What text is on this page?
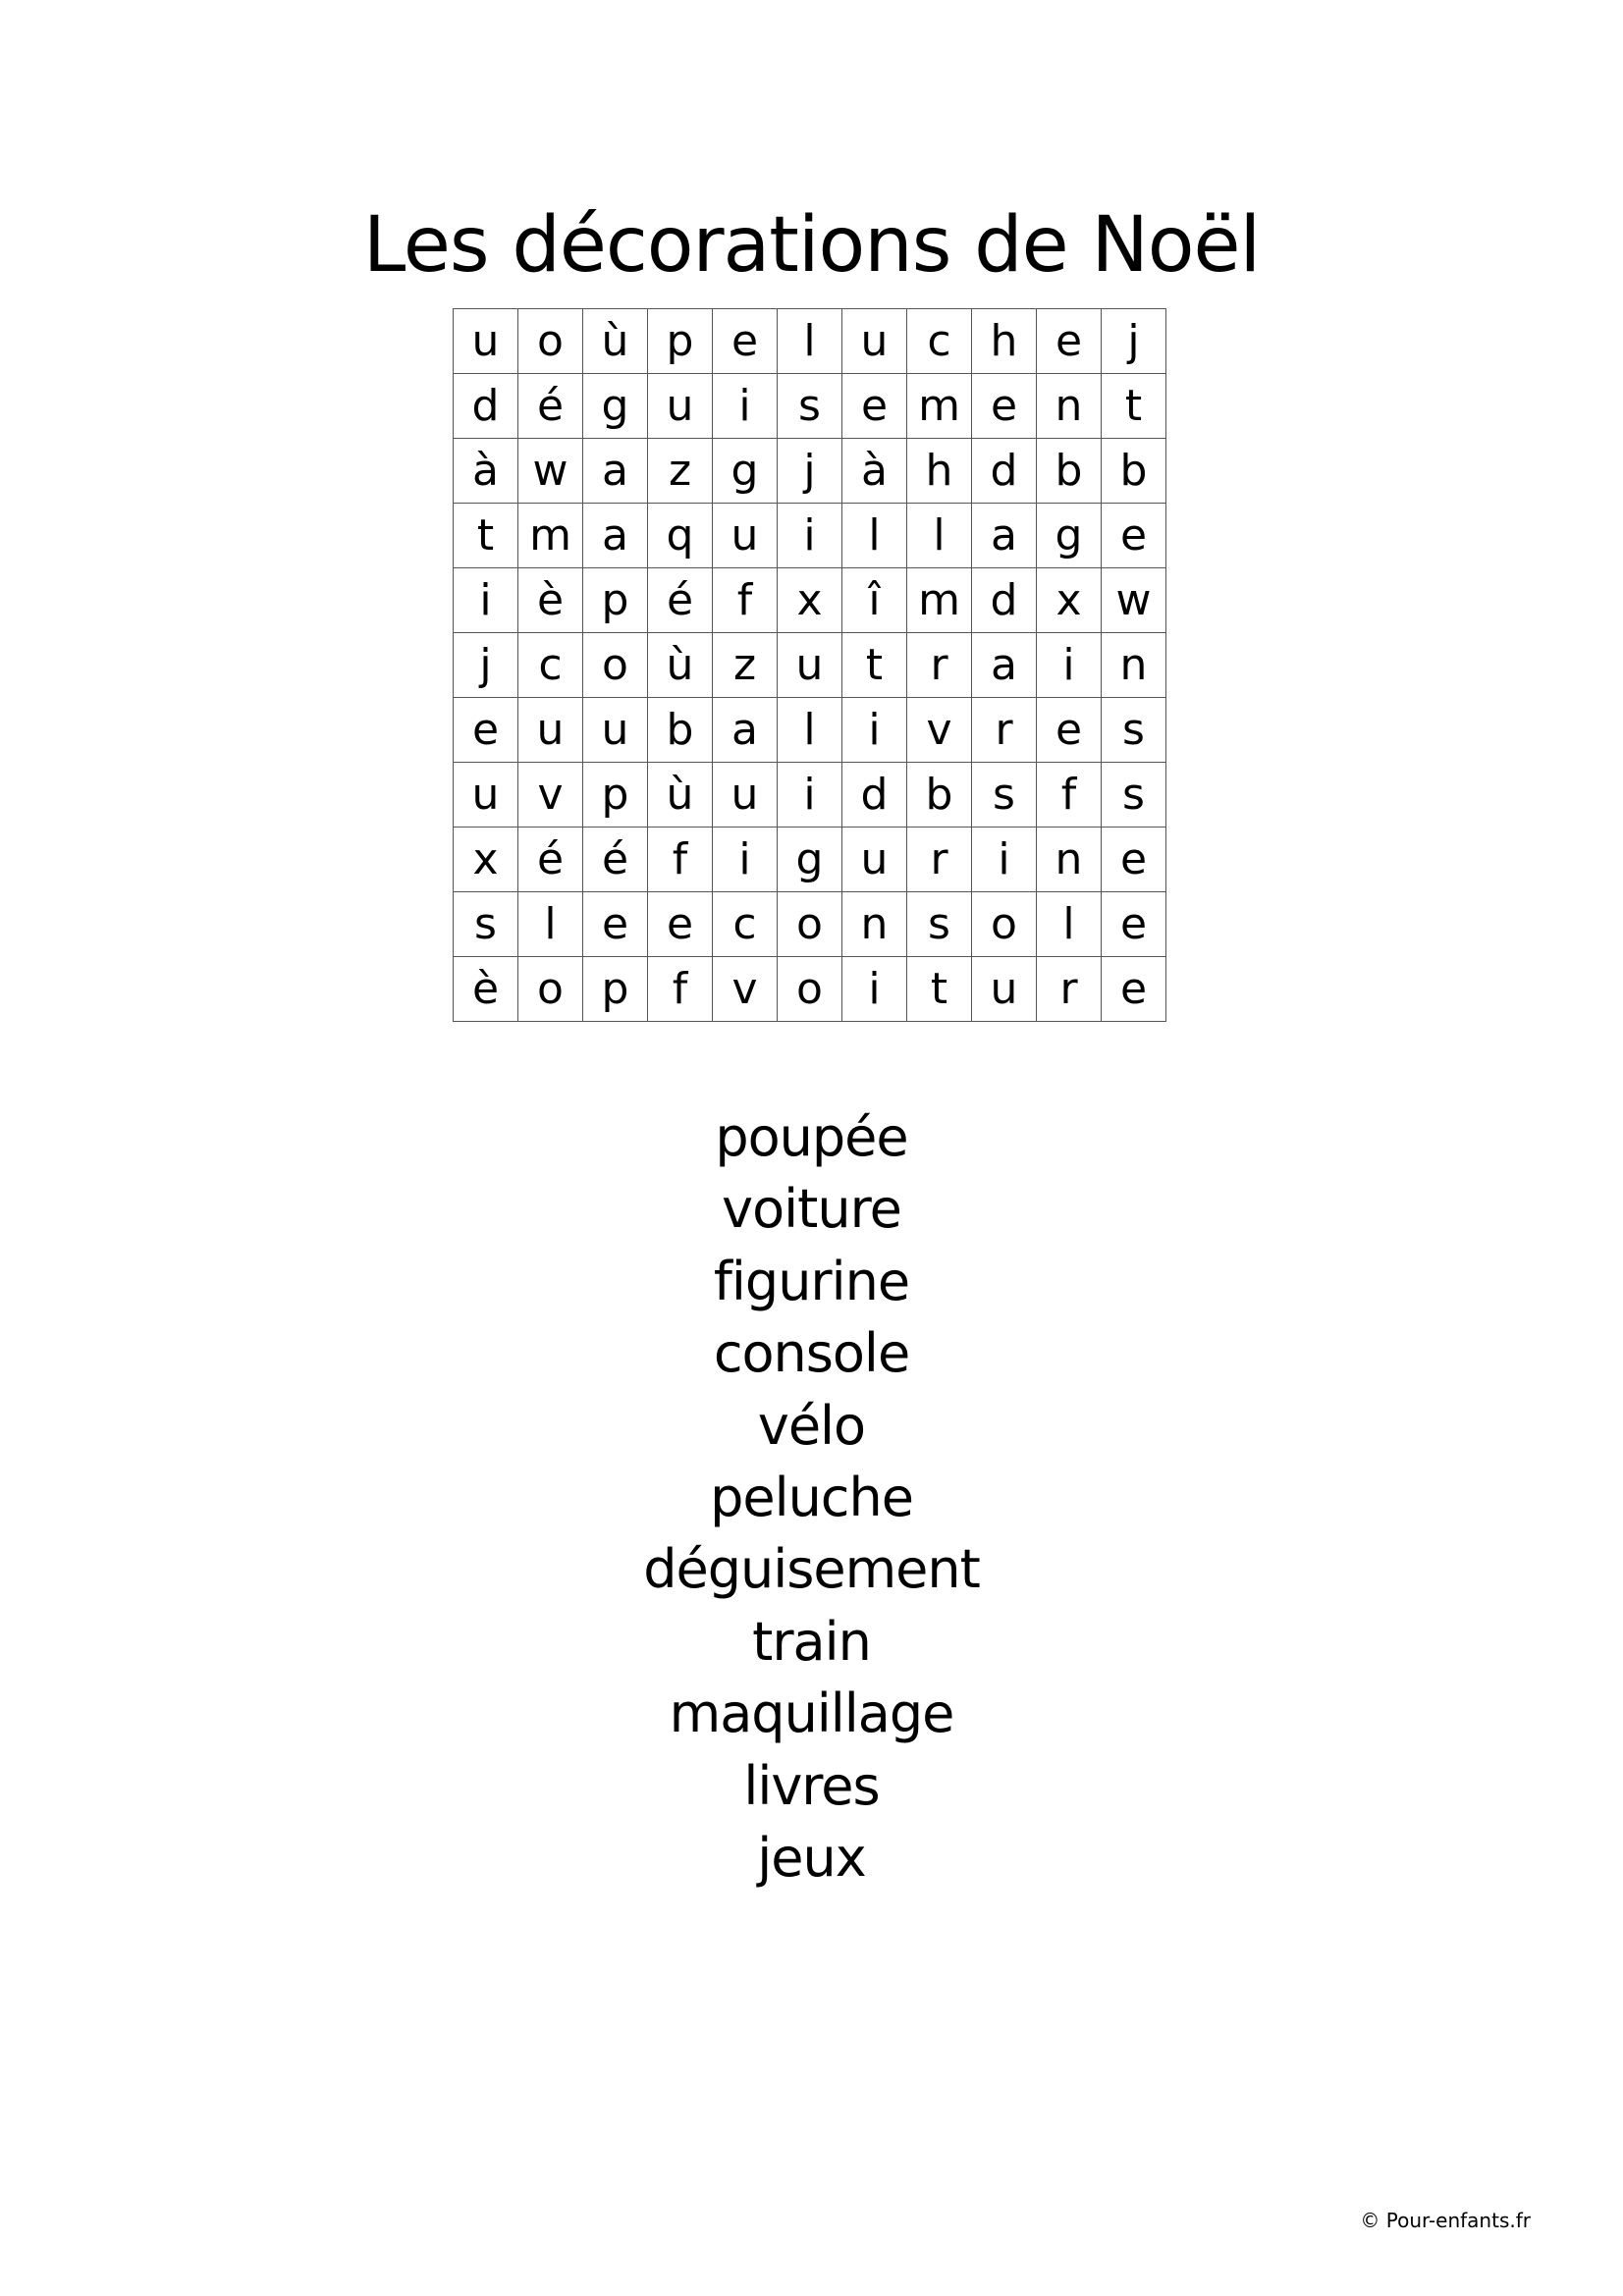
Les décorations de Noël
u	o	ù	p	e	l	u	c	h	e	j
d	é	g	u	i	s	e	m	e	n	t
à	w	a	z	g	j	à	h	d	b	b
t	m	a	q	u	i	l	l	a	g	e
i	è	p	é	f	x	î	m	d	x	w
j	c	o	ù	z	u	t	r	a	i	n
e	u	u	b	a	l	i	v	r	e	s
u	v	p	ù	u	i	d	b	s	f	s
x	é	é	f	i	g	u	r	i	n	e
s	l	e	e	c	o	n	s	o	l	e
è	o	p	f	v	o	i	t	u	r	e
poupée
voiture
figurine
console
vélo
peluche
déguisement
train
maquillage
livres
jeux
© Pour-enfants.fr
